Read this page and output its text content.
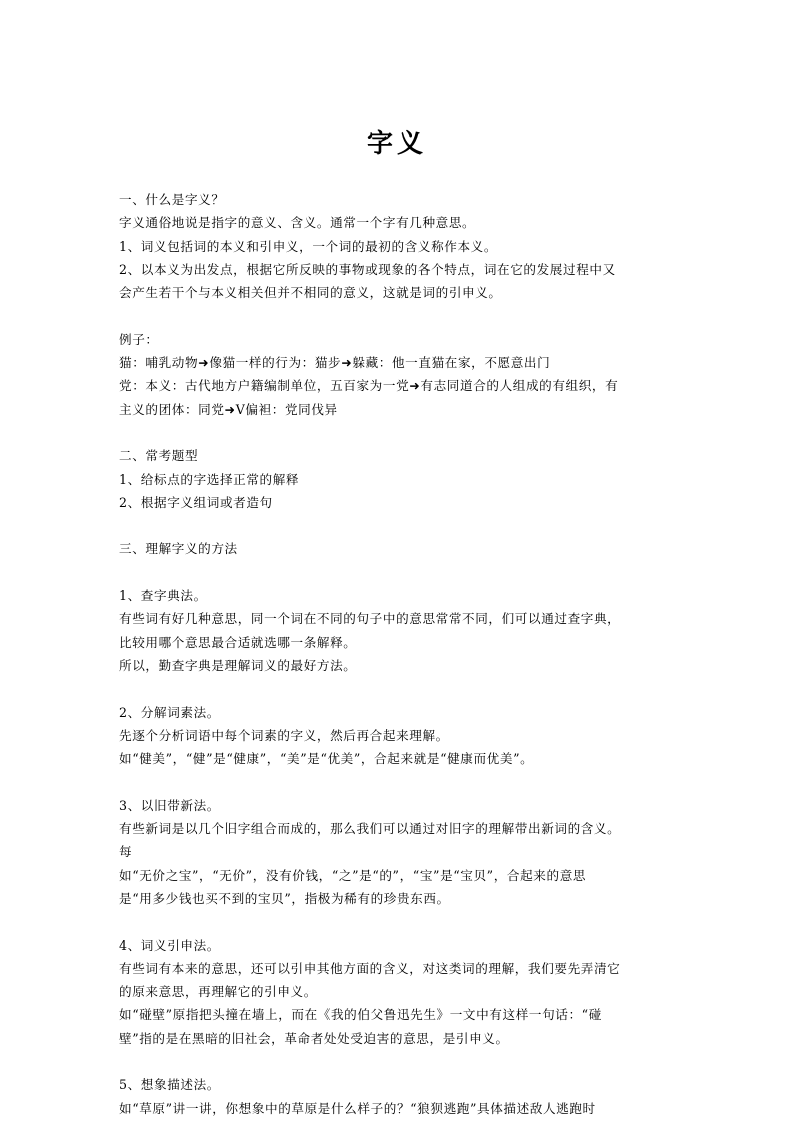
字义
一、什么是字义？
字义通俗地说是指字的意义、含义。通常一个字有几种意思。
1、词义包括词的本义和引申义，一个词的最初的含义称作本义。
2、以本义为出发点，根据它所反映的事物或现象的各个特点，词在它的发展过程中又
会产生若干个与本义相关但并不相同的意义，这就是词的引申义。
例子：
猫：哺乳动物➜像猫一样的行为：猫步➜躲藏：他一直猫在家，不愿意出门
党：本义：古代地方户籍编制单位，五百家为一党➜有志同道合的人组成的有组织，有
主义的团体：同党➜V偏袒：党同伐异
二、常考题型
1、给标点的字选择正常的解释
2、根据字义组词或者造句
三、理解字义的方法
1、查字典法。
有些词有好几种意思，同一个词在不同的句子中的意思常常不同，们可以通过查字典，
比较用哪个意思最合适就选哪一条解释。
所以，勤查字典是理解词义的最好方法。
2、分解词素法。
先逐个分析词语中每个词素的字义，然后再合起来理解。
如“健美”，“健”是“健康”，“美”是“优美”，合起来就是“健康而优美”。
3、以旧带新法。
有些新词是以几个旧字组合而成的，那么我们可以通过对旧字的理解带出新词的含义。
每
如“无价之宝”，“无价”，没有价钱，“之”是“的”，“宝”是“宝贝”，合起来的意思
是“用多少钱也买不到的宝贝”，指极为稀有的珍贵东西。
4、词义引申法。
有些词有本来的意思，还可以引申其他方面的含义，对这类词的理解，我们要先弄清它
的原来意思，再理解它的引申义。
如“碰壁”原指把头撞在墙上，而在《我的伯父鲁迅先生》一文中有这样一句话：“碰
壁”指的是在黑暗的旧社会，革命者处处受迫害的意思，是引申义。
5、想象描述法。
如“草原”讲一讲，你想象中的草原是什么样子的？“狼狈逃跑”具体描述敌人逃跑时
